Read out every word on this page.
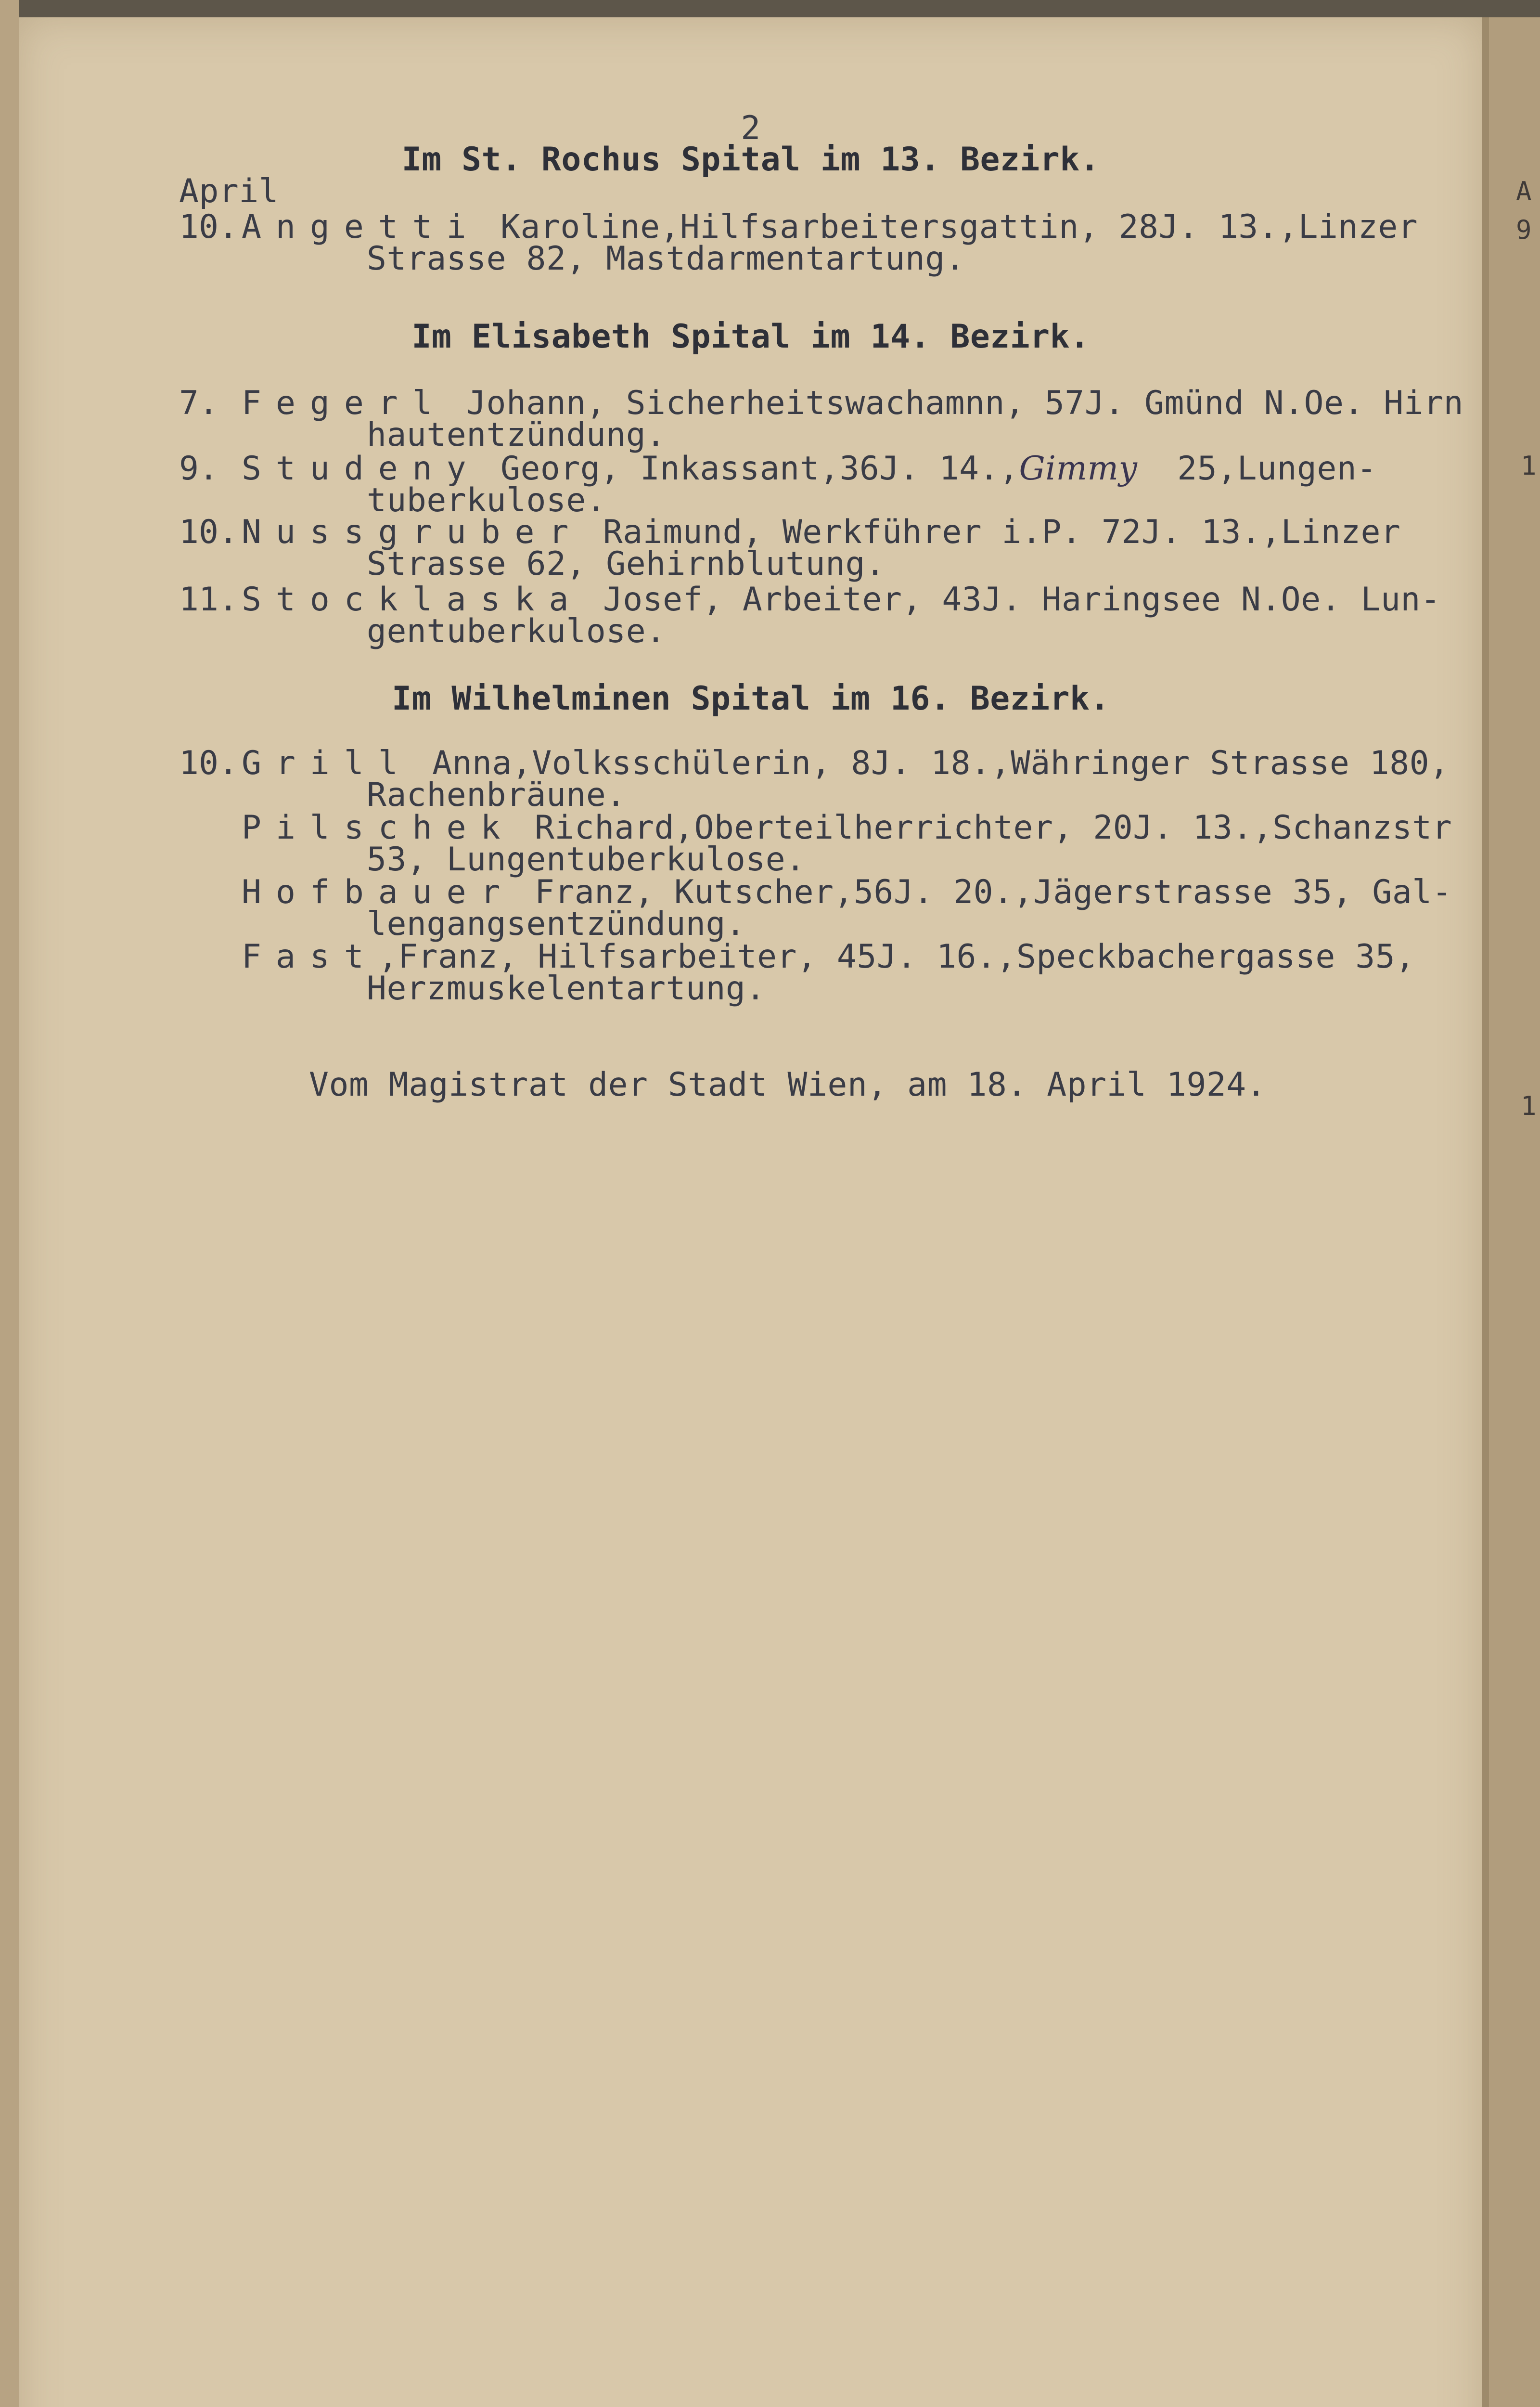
2

Im St. Rochus Spital im 13. Bezirk.

April

10. Angetti Karoline,Hilfsarbeitersgattin, 28J. 13.,Linzer

Strasse 82, Mastdarmentartung.

Im Elisabeth Spital im 14. Bezirk.

7. Fegerl Johann, Sicherheitswachamnn, 57J. Gmünd N.Oe. Hirn

hautentzündung.

9. Studeny Georg, Inkassant,36J. 14.,Gimmy  25,Lungen-

tuberkulose.

10. Nussgruber Raimund, Werkführer i.P. 72J. 13.,Linzer

Strasse 62, Gehirnblutung.

11. Stocklaska Josef, Arbeiter, 43J. Haringsee N.Oe. Lun-

gentuberkulose.

Im Wilhelminen Spital im 16. Bezirk.

10. Grill Anna,Volksschülerin, 8J. 18.,Währinger Strasse 180,

Rachenbräune.

Pilschek Richard,Oberteilherrichter, 20J. 13.,Schanzstr

53, Lungentuberkulose.

Hofbauer Franz, Kutscher,56J. 20.,Jägerstrasse 35, Gal-

lengangsentzündung.

Fast,Franz, Hilfsarbeiter, 45J. 16.,Speckbachergasse 35,

Herzmuskelentartung.

Vom Magistrat der Stadt Wien, am 18. April 1924.

A
9
1
1
